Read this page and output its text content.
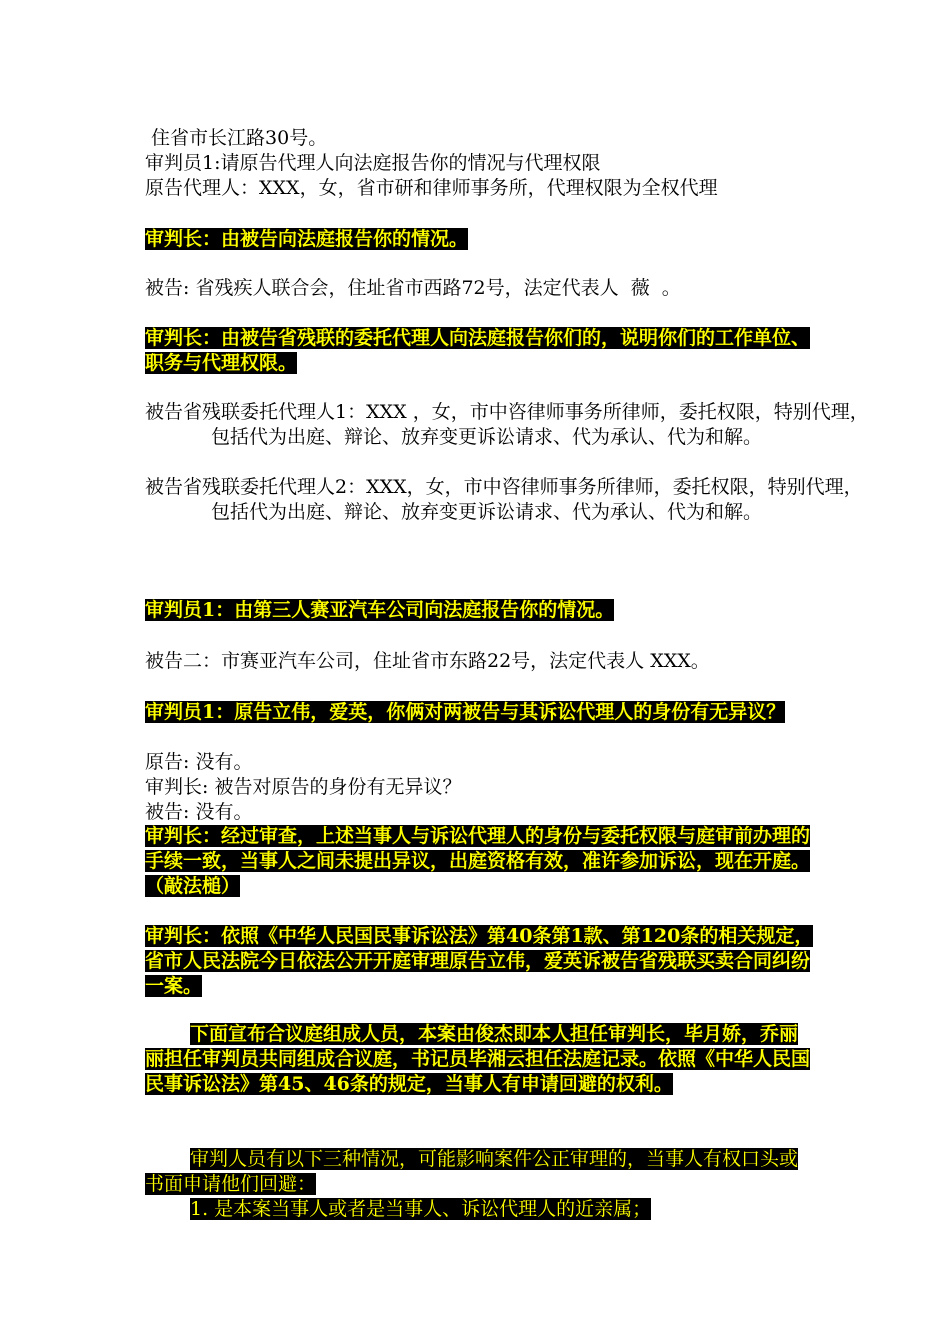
住省市长江路30号。
审判员1:请原告代理人向法庭报告你的情况与代理权限
原告代理人：XXX，女，省市研和律师事务所，代理权限为全权代理
审判长：由被告向法庭报告你的情况。
被告: 省残疾人联合会，住址省市西路72号，法定代表人  薇  。
审判长：由被告省残联的委托代理人向法庭报告你们的，说明你们的工作单位、职务与代理权限。
被告省残联委托代理人1：XXX ，女，市中咨律师事务所律师，委托权限，特别代理，包括代为出庭、辩论、放弃变更诉讼请求、代为承认、代为和解。
被告省残联委托代理人2：XXX，女，市中咨律师事务所律师，委托权限，特别代理，包括代为出庭、辩论、放弃变更诉讼请求、代为承认、代为和解。
审判员1：由第三人赛亚汽车公司向法庭报告你的情况。
被告二：市赛亚汽车公司，住址省市东路22号，法定代表人 XXX。
审判员1：原告立伟，爱英，你俩对两被告与其诉讼代理人的身份有无异议？
原告: 没有。
审判长: 被告对原告的身份有无异议？
被告: 没有。
审判长：经过审查，上述当事人与诉讼代理人的身份与委托权限与庭审前办理的手续一致，当事人之间未提出异议，出庭资格有效，准许参加诉讼，现在开庭。（敲法槌）
审判长：依照《中华人民国民事诉讼法》第40条第1款、第120条的相关规定，省市人民法院今日依法公开开庭审理原告立伟，爱英诉被告省残联买卖合同纠纷一案。
下面宣布合议庭组成人员，本案由俊杰即本人担任审判长，毕月娇，乔丽丽担任审判员共同组成合议庭，书记员毕湘云担任法庭记录。依照《中华人民国民事诉讼法》第45、46条的规定，当事人有申请回避的权利。
审判人员有以下三种情况，可能影响案件公正审理的，当事人有权口头或书面申请他们回避：
1. 是本案当事人或者是当事人、诉讼代理人的近亲属；
